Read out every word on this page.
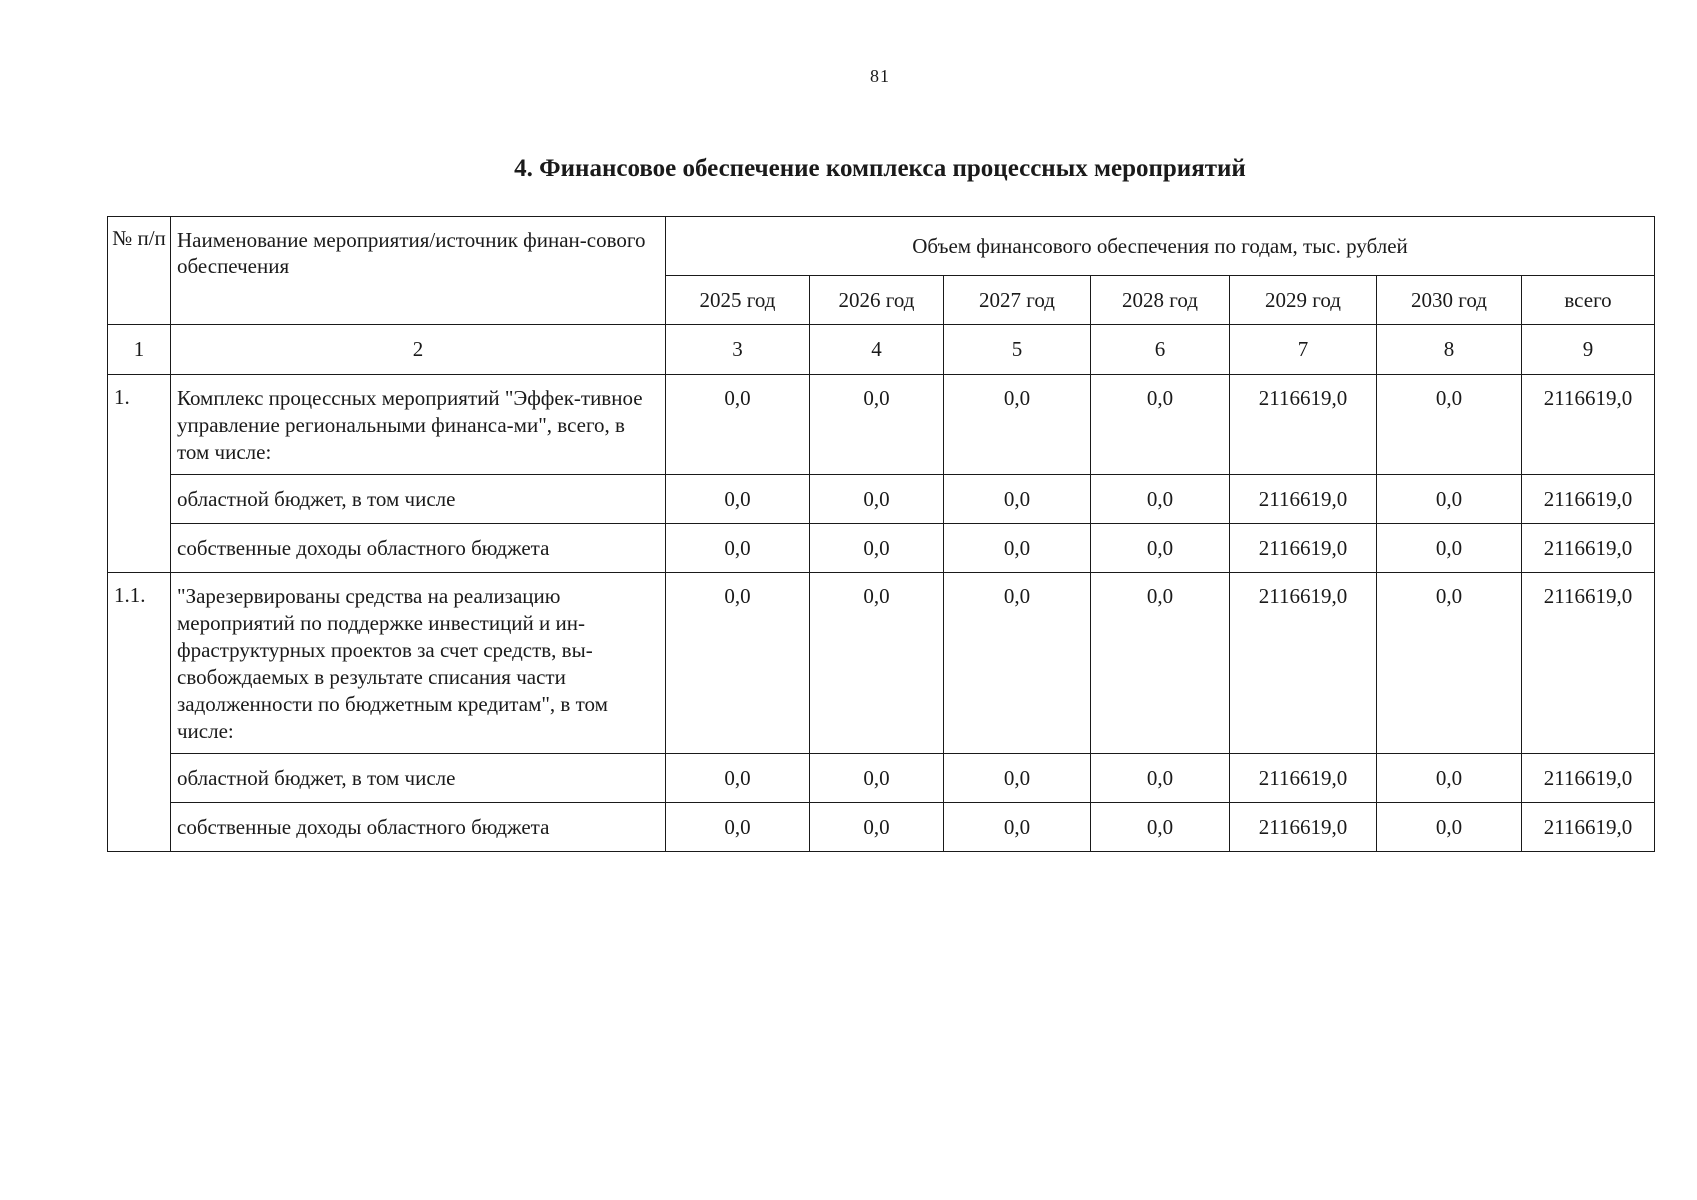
81
4. Финансовое обеспечение комплекса процессных мероприятий
№ п/п	Наименование мероприятия/источник финан-сового обеспечения	Объем финансового обеспечения по годам, тыс. рублей						
		2025 год	2026 год	2027 год	2028 год	2029 год	2030 год	всего
1	2	3	4	5	6	7	8	9
1.	Комплекс процессных мероприятий "Эффек-тивное управление региональными финанса-ми", всего, в том числе:	0,0	0,0	0,0	0,0	2116619,0	0,0	2116619,0
	областной бюджет, в том числе	0,0	0,0	0,0	0,0	2116619,0	0,0	2116619,0
	собственные доходы областного бюджета	0,0	0,0	0,0	0,0	2116619,0	0,0	2116619,0
1.1.	"Зарезервированы средства на реализацию мероприятий по поддержке инвестиций и ин-фраструктурных проектов за счет средств, вы-свобождаемых в результате списания части задолженности по бюджетным кредитам", в том числе:	0,0	0,0	0,0	0,0	2116619,0	0,0	2116619,0
	областной бюджет, в том числе	0,0	0,0	0,0	0,0	2116619,0	0,0	2116619,0
	собственные доходы областного бюджета	0,0	0,0	0,0	0,0	2116619,0	0,0	2116619,0
